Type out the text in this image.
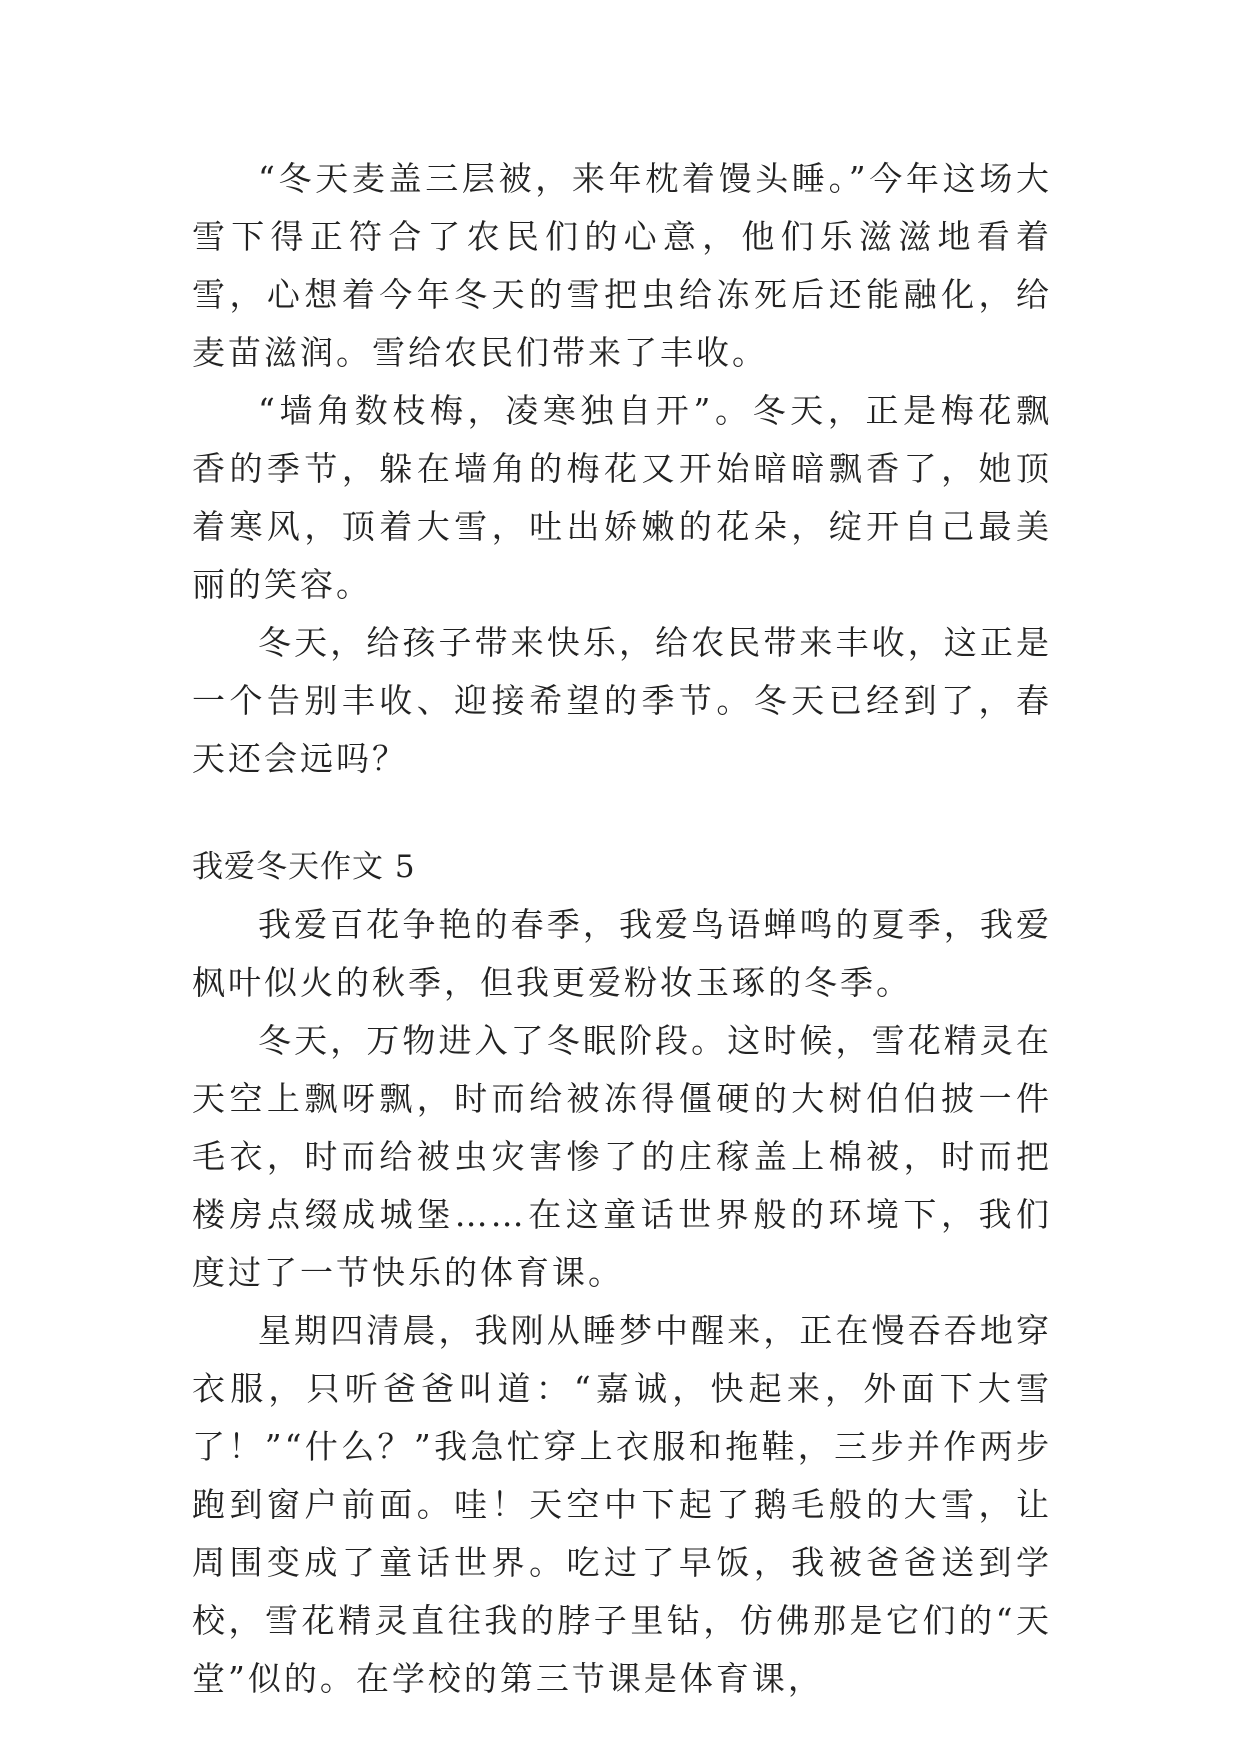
“冬天麦盖三层被，来年枕着馒头睡。”今年这场大雪下得正符合了农民们的心意，他们乐滋滋地看着雪，心想着今年冬天的雪把虫给冻死后还能融化，给麦苗滋润。雪给农民们带来了丰收。

“墙角数枝梅，凌寒独自开”。冬天，正是梅花飘香的季节，躲在墙角的梅花又开始暗暗飘香了，她顶着寒风，顶着大雪，吐出娇嫩的花朵，绽开自己最美丽的笑容。

冬天，给孩子带来快乐，给农民带来丰收，这正是一个告别丰收、迎接希望的季节。冬天已经到了，春天还会远吗？

我爱冬天作文 5

我爱百花争艳的春季，我爱鸟语蝉鸣的夏季，我爱枫叶似火的秋季，但我更爱粉妆玉琢的冬季。

冬天，万物进入了冬眠阶段。这时候，雪花精灵在天空上飘呀飘，时而给被冻得僵硬的大树伯伯披一件毛衣，时而给被虫灾害惨了的庄稼盖上棉被，时而把楼房点缀成城堡……在这童话世界般的环境下，我们度过了一节快乐的体育课。

星期四清晨，我刚从睡梦中醒来，正在慢吞吞地穿衣服，只听爸爸叫道：“嘉诚，快起来，外面下大雪了！”“什么？”我急忙穿上衣服和拖鞋，三步并作两步跑到窗户前面。哇！天空中下起了鹅毛般的大雪，让周围变成了童话世界。吃过了早饭，我被爸爸送到学校，雪花精灵直往我的脖子里钻，仿佛那是它们的“天堂”似的。在学校的第三节课是体育课，
